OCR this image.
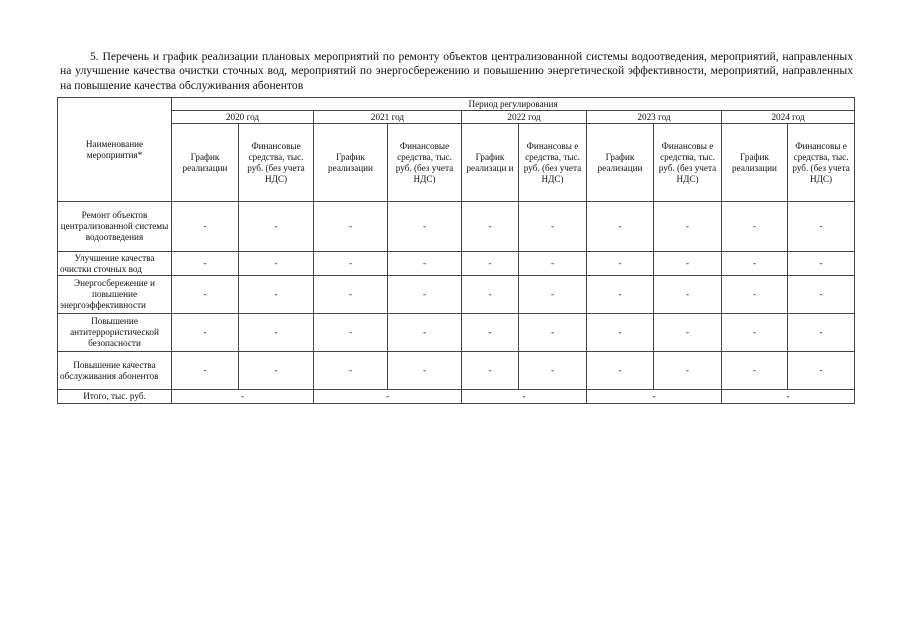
5. Перечень и график реализации плановых мероприятий по ремонту объектов централизованной системы водоотведения, мероприятий, направленных на улучшение качества очистки сточных вод, мероприятий по энергосбережению и повышению энергетической эффективности, мероприятий, направленных на повышение качества обслуживания абонентов

Наименование мероприятия*	Период регулирования									
	2020 год		2021 год		2022 год		2023 год		2024 год	
	График реализации	Финансовые средства, тыс. руб. (без учета НДС)	График реализации	Финансовые средства, тыс. руб. (без учета НДС)	График реализаци и	Финансовы е средства, тыс. руб. (без учета НДС)	График реализации	Финансовы е средства, тыс. руб. (без учета НДС)	График реализации	Финансовы е средства, тыс. руб. (без учета НДС)
Ремонт объектов централизованной системы водоотведения	-	-	-	-	-	-	-	-	-	-
Улучшение качества очистки сточных вод	-	-	-	-	-	-	-	-	-	-
Энергосбережение и повышение энергоэффективности	-	-	-	-	-	-	-	-	-	-
Повышение антитеррористической безопасности	-	-	-	-	-	-	-	-	-	-
Повышение качества обслуживания абонентов	-	-	-	-	-	-	-	-	-	-
Итого, тыс. руб.	-		-		-		-		-	
